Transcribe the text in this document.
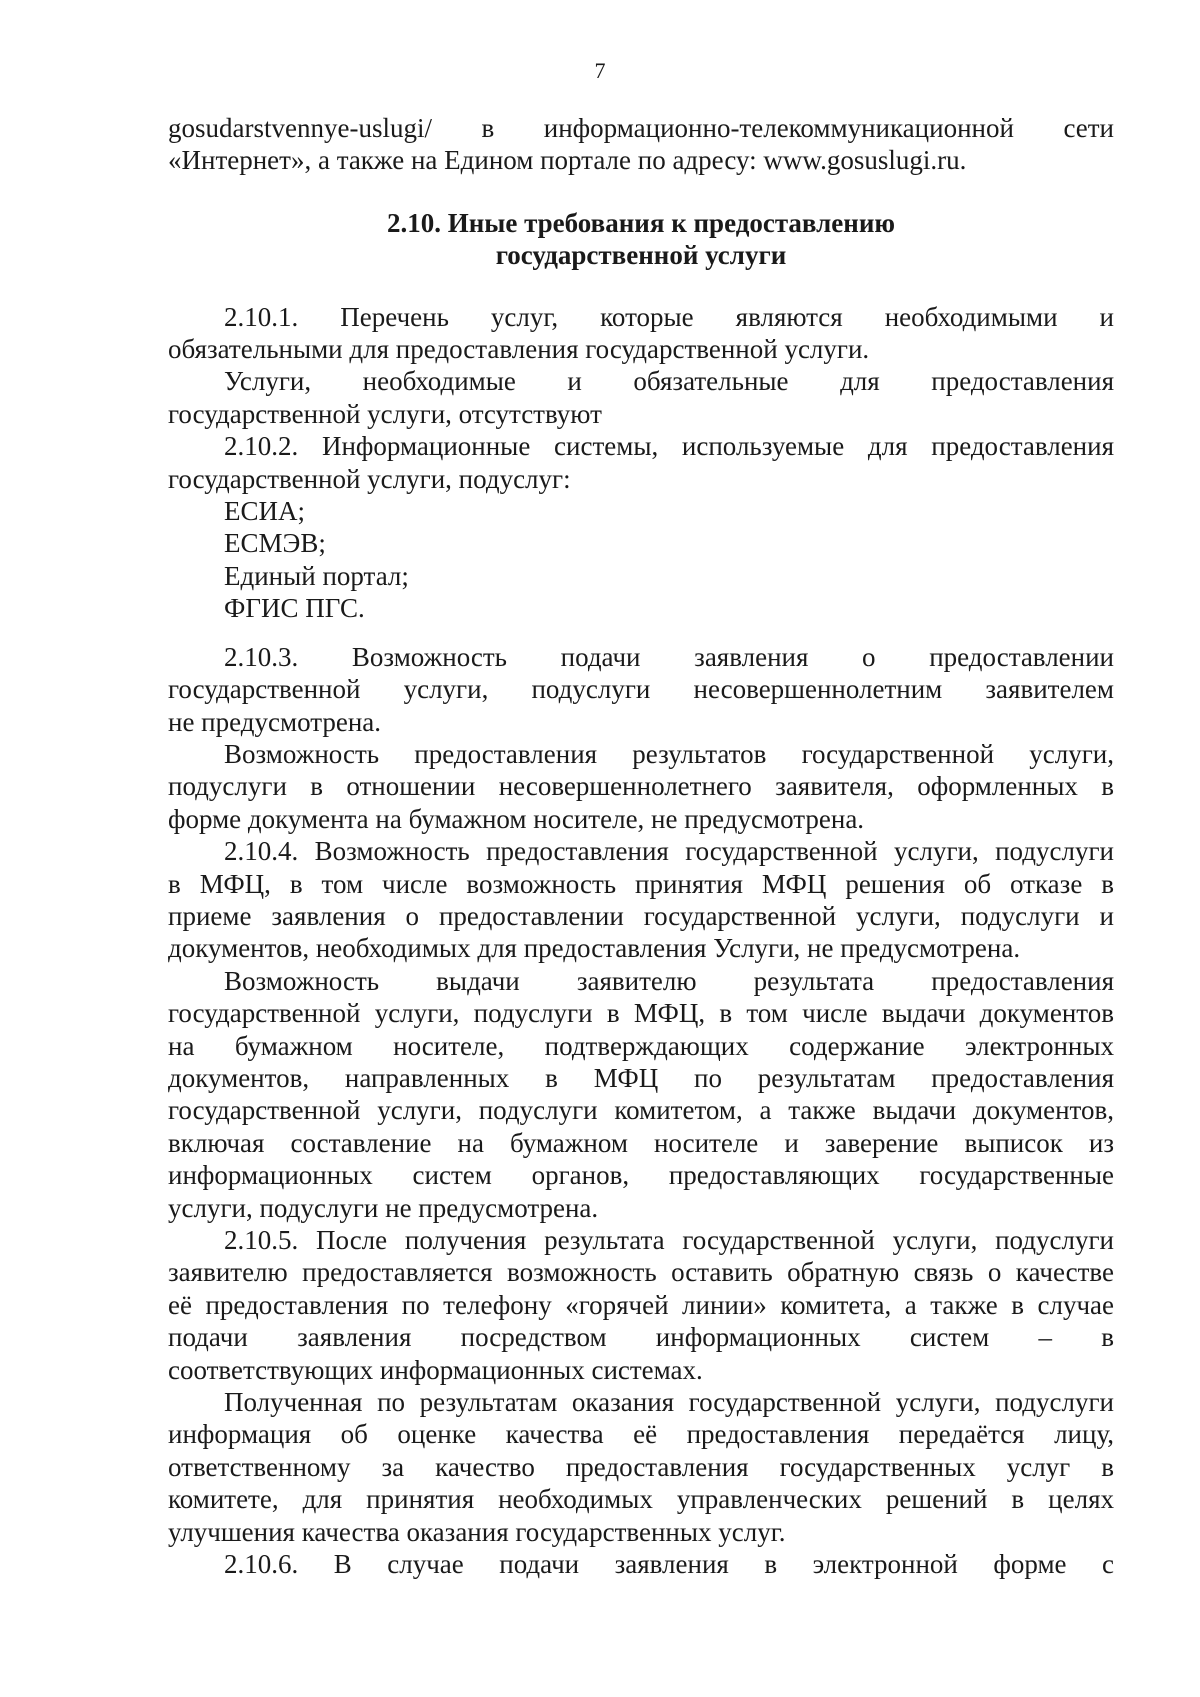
7

gosudarstvennye-uslugi/ в информационно-телекоммуникационной сети
«Интернет», а также на Едином портале по адресу: www.gosuslugi.ru.

2.10. Иные требования к предоставлению
государственной услуги

2.10.1. Перечень услуг, которые являются необходимыми и
обязательными для предоставления государственной услуги.

Услуги, необходимые и обязательные для предоставления
государственной услуги, отсутствуют

2.10.2. Информационные системы, используемые для предоставления
государственной услуги, подуслуг:

ЕСИА;

ЕСМЭВ;

Единый портал;

ФГИС ПГС.

2.10.3. Возможность подачи заявления о предоставлении
государственной услуги, подуслуги несовершеннолетним заявителем
не предусмотрена.

Возможность предоставления результатов государственной услуги,
подуслуги в отношении несовершеннолетнего заявителя, оформленных в
форме документа на бумажном носителе, не предусмотрена.

2.10.4. Возможность предоставления государственной услуги, подуслуги
в МФЦ, в том числе возможность принятия МФЦ решения об отказе в
приеме заявления о предоставлении государственной услуги, подуслуги и
документов, необходимых для предоставления Услуги, не предусмотрена.

Возможность выдачи заявителю результата предоставления
государственной услуги, подуслуги в МФЦ, в том числе выдачи документов
на бумажном носителе, подтверждающих содержание электронных
документов, направленных в МФЦ по результатам предоставления
государственной услуги, подуслуги комитетом, а также выдачи документов,
включая составление на бумажном носителе и заверение выписок из
информационных систем органов, предоставляющих государственные
услуги, подуслуги не предусмотрена.

2.10.5. После получения результата государственной услуги, подуслуги
заявителю предоставляется возможность оставить обратную связь о качестве
её предоставления по телефону «горячей линии» комитета, а также в случае
подачи заявления посредством информационных систем – в
соответствующих информационных системах.

Полученная по результатам оказания государственной услуги, подуслуги
информация об оценке качества её предоставления передаётся лицу,
ответственному за качество предоставления государственных услуг в
комитете, для принятия необходимых управленческих решений в целях
улучшения качества оказания государственных услуг.

2.10.6. В случае подачи заявления в электронной форме с
